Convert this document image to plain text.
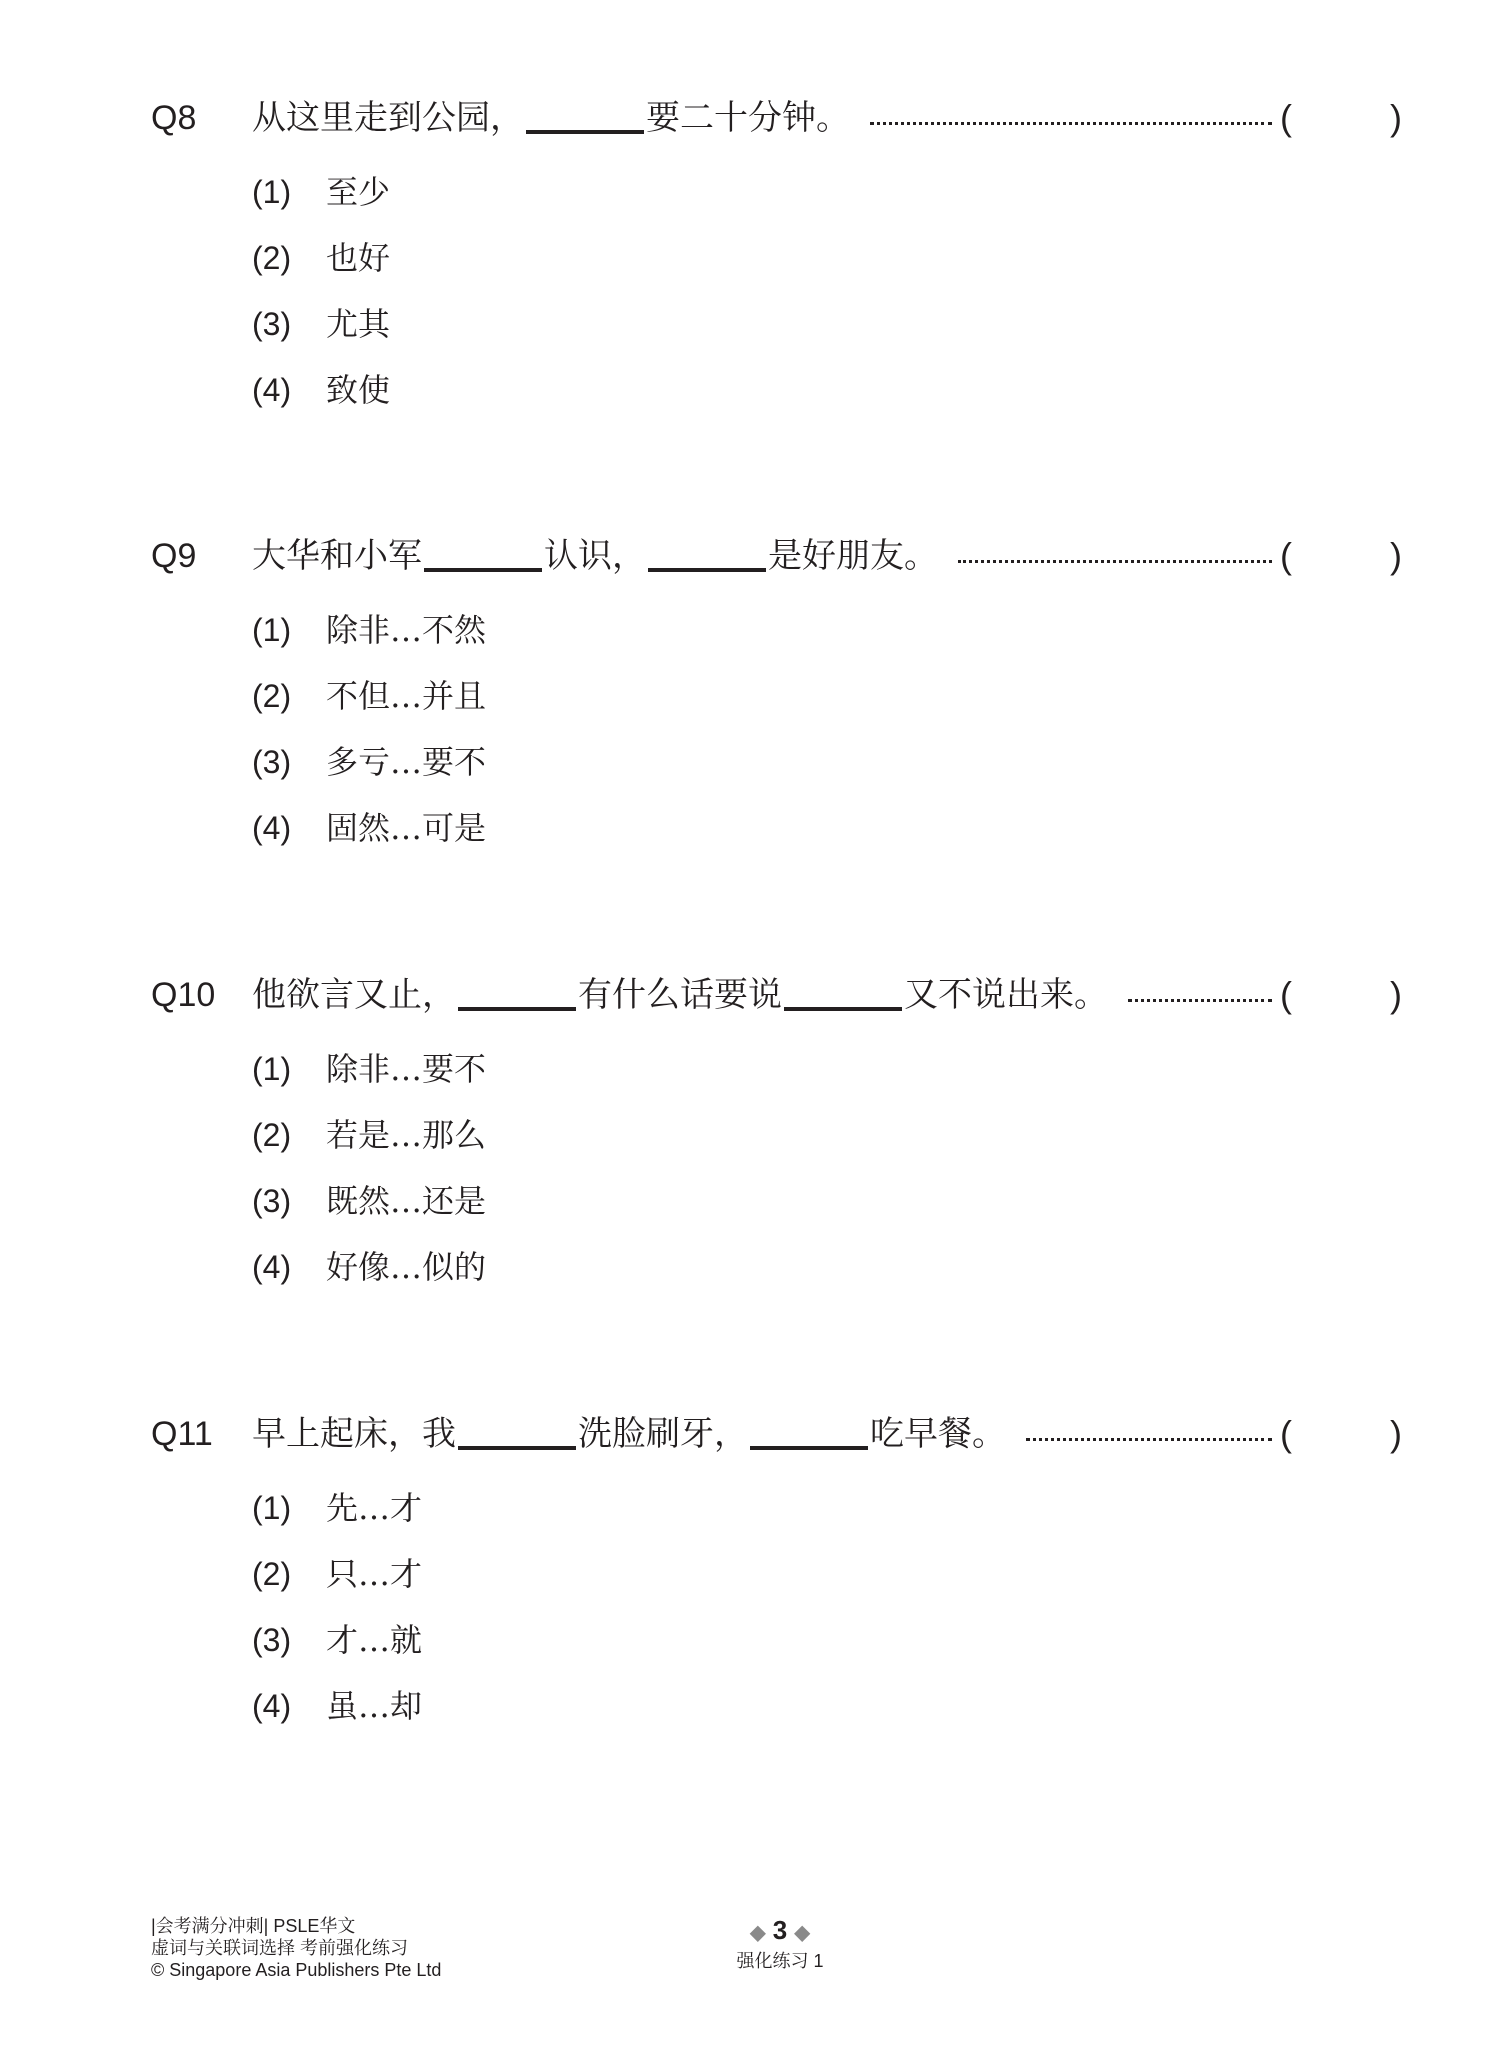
Q8 从这里走到公园，	要二十分钟。	(	)
(1) 至少
(2) 也好
(3) 尤其
(4) 致使
Q9 大华和小军	认识，	是好朋友。	(	)
(1) 除非…不然
(2) 不但…并且
(3) 多亏…要不
(4) 固然…可是
Q10 他欲言又止，	有什么话要说	又不说出来。	(	)
(1) 除非…要不
(2) 若是…那么
(3) 既然…还是
(4) 好像…似的
Q11 早上起床，我	洗脸刷牙，	吃早餐。	(	)
(1) 先…才
(2) 只…才
(3) 才…就
(4) 虽…却
|会考满分冲刺| PSLE华文
虚词与关联词选择 考前强化练习
© Singapore Asia Publishers Pte Ltd
◆ 3 ◆
强化练习 1
